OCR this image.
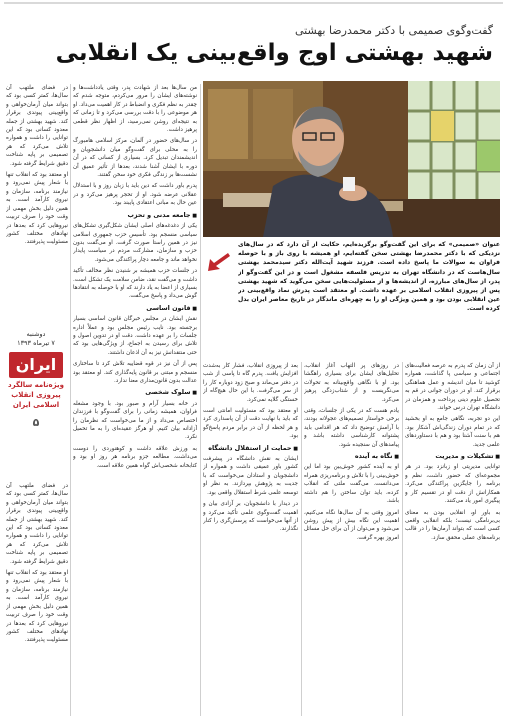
گفت‌وگوی صمیمی با دکتر محمدرضا بهشتی
شهید بهشتی اوج واقع‌بینی یک انقلابی
عنوان «صمیمی» که برای این گفت‌وگو برگزیده‌ایم، حکایت از آن دارد که در سال‌های نزدیکی که با دکتر محمدرضا بهشتی سخن گفته‌ایم، او همیشه با روی باز و با حوصله فراوان به سوالات ما پاسخ داده است. فرزند شهید آیت‌الله دکتر سیدمحمد بهشتی سال‌هاست که در دانشگاه تهران به تدریس فلسفه مشغول است و در این گفت‌وگو از پدر، از سال‌های مبارزه، از اندیشه‌ها و از مسئولیت‌هایی سخن می‌گوید که شهید بهشتی پس از پیروزی انقلاب اسلامی بر عهده داشت. او معتقد است پدرش نماد واقع‌بینی در عین انقلابی بودن بود و همین ویژگی او را به چهره‌ای ماندگار در تاریخ معاصر ایران بدل کرده است.

در فضای ملتهب آن سال‌ها، کمتر کسی بود که بتواند میان آرمان‌خواهی و واقع‌بینی پیوندی برقرار کند. شهید بهشتی از جمله معدود کسانی بود که این توانایی را داشت و همواره تلاش می‌کرد که هر تصمیمی بر پایه شناخت دقیق شرایط گرفته شود.

او معتقد بود که انقلاب تنها با شعار پیش نمی‌رود و نیازمند برنامه، سازمان و نیروی کارآمد است. به همین دلیل بخش مهمی از وقت خود را صرف تربیت نیروهایی کرد که بعدها در نهادهای مختلف کشور مسئولیت پذیرفتند.

دوشنبه
۷ تیرماه ۱۳۹۳
ایران
ویژه‌نامه سالگرد پیروزی انقلاب اسلامی ایران
۵

در فضای ملتهب آن سال‌ها، کمتر کسی بود که بتواند میان آرمان‌خواهی و واقع‌بینی پیوندی برقرار کند. شهید بهشتی از جمله معدود کسانی بود که این توانایی را داشت و همواره تلاش می‌کرد که هر تصمیمی بر پایه شناخت دقیق شرایط گرفته شود.

او معتقد بود که انقلاب تنها با شعار پیش نمی‌رود و نیازمند برنامه، سازمان و نیروی کارآمد است. به همین دلیل بخش مهمی از وقت خود را صرف تربیت نیروهایی کرد که بعدها در نهادهای مختلف کشور مسئولیت پذیرفتند.

من سال‌ها بعد از شهادت پدر، وقتی یادداشت‌ها و نوشته‌های ایشان را مرور می‌کردم، متوجه شدم که چقدر به نظم فکری و انضباط در کار اهمیت می‌داد. او هر موضوعی را با دقت بررسی می‌کرد و تا زمانی که به نتیجه‌ای روشن نمی‌رسید، از اظهار نظر قطعی پرهیز داشت.

در سال‌های حضور در آلمان، مرکز اسلامی هامبورگ را به محلی برای گفت‌وگو میان دانشجویان و اندیشمندان تبدیل کرد. بسیاری از کسانی که در آن دوره با ایشان آشنا شدند، بعدها از تأثیر عمیق آن نشست‌ها بر زندگی فکری خود سخن گفتند.

پدرم باور داشت که دین باید با زبان روز و با استدلال عقلانی عرضه شود. او از تحجر پرهیز می‌کرد و در عین حال به مبانی اعتقادی پایبند بود.

■ جامعه مدنی و تحزب

یکی از دغدغه‌های اصلی ایشان شکل‌گیری تشکل‌های سیاسی منسجم بود. تأسیس حزب جمهوری اسلامی نیز در همین راستا صورت گرفت. او می‌گفت بدون حزب و سازمان، مشارکت مردم در سیاست پایدار نخواهد ماند و جامعه دچار پراکندگی می‌شود.

در جلسات حزب همیشه بر شنیدن نظر مخالف تأکید داشت و می‌گفت نقد، ضامن سلامت یک تشکل است. بسیاری از اعضا به یاد دارند که او با حوصله به انتقادها گوش می‌داد و پاسخ می‌گفت.

■ قانون اساسی

نقش ایشان در مجلس خبرگان قانون اساسی بسیار برجسته بود. نایب رئیس مجلس بود و عملاً اداره جلسات را بر عهده داشت. دقت او در تدوین اصول و تلاش برای رسیدن به اجماع، از ویژگی‌هایی بود که حتی منتقدانش نیز به آن اذعان داشتند.

پس از آن نیز در قوه قضاییه تلاش کرد تا ساختاری منسجم و مبتنی بر قانون پایه‌گذاری کند. او معتقد بود عدالت بدون قانون‌مداری معنا ندارد.

■ سلوک شخصی

در خانه بسیار آرام و صبور بود. با وجود مشغله فراوان، همیشه زمانی را برای گفت‌وگو با فرزندان اختصاص می‌داد و از ما می‌خواست که نظرمان را آزادانه بیان کنیم. او هرگز عقیده‌ای را به ما تحمیل نکرد.

به ورزش علاقه داشت و کوهنوردی را دوست می‌داشت. مطالعه جزو برنامه هر روز او بود و کتابخانه شخصی‌اش گواه همین علاقه است.

بعد از پیروزی انقلاب، فشار کار به‌شدت افزایش یافت. پدرم گاه تا پاسی از شب در دفتر می‌ماند و صبح زود دوباره کار را از سر می‌گرفت. با این حال هیچ‌گاه از خستگی گلایه نمی‌کرد.

او معتقد بود که مسئولیت امانتی است که باید با نهایت دقت از آن پاسداری کرد و هر لحظه از آن در برابر مردم پاسخ‌گو بود.

■ حمایت از استقلال دانشگاه

ایشان به نقش دانشگاه در پیشرفت کشور باور عمیقی داشت و همواره از دانشجویان و استادان می‌خواست که با جدیت به پژوهش بپردازند. به نظر او توسعه علمی شرط استقلال واقعی بود.

در دیدار با دانشجویان، بر آزادی بیان و اهمیت گفت‌وگوی علمی تأکید می‌کرد و از آنها می‌خواست که پرسش‌گری را کنار نگذارند.

در روزهای پر التهاب آغاز انقلاب، تحلیل‌های ایشان برای بسیاری راهگشا بود. او با نگاهی واقع‌بینانه به تحولات می‌نگریست و از شتاب‌زدگی پرهیز می‌کرد.

یادم هست که در یکی از جلسات، وقتی برخی خواستار تصمیم‌های عجولانه بودند، با آرامش توضیح داد که هر اقدامی باید پشتوانه کارشناسی داشته باشد و پیامدهای آن سنجیده شود.

■ نگاه به آینده

او به آینده کشور خوش‌بین بود اما این خوش‌بینی را با تلاش و برنامه‌ریزی همراه می‌دانست. می‌گفت ملتی که انقلاب کرده، باید توان ساختن را هم داشته باشد.

امروز وقتی به آن سال‌ها نگاه می‌کنیم، اهمیت این نگاه بیش از پیش روشن می‌شود و می‌توان از آن برای حل مسائل امروز بهره گرفت.

از آن زمان که پدرم به عرصه فعالیت‌های اجتماعی و سیاسی پا گذاشت، همواره کوشید تا میان اندیشه و عمل هماهنگی برقرار کند. او در دوران جوانی در قم به تحصیل علوم دینی پرداخت و همزمان در دانشگاه تهران درس خواند.

این دو تجربه، نگاهی جامع به او بخشید که در تمام دوران زندگی‌اش آشکار بود. هم با سنت آشنا بود و هم با دستاوردهای علمی جدید.

■ تشکیلات و مدیریت

توانایی مدیریتی او زبانزد بود. در هر مجموعه‌ای که حضور داشت، نظم و برنامه را جایگزین پراکندگی می‌کرد. همکارانش از دقت او در تقسیم کار و پیگیری امور یاد می‌کنند.

به باور او، انقلابی بودن به معنای بی‌برنامگی نیست؛ بلکه انقلابی واقعی کسی است که بتواند آرمان‌ها را در قالب برنامه‌های عملی محقق سازد.
